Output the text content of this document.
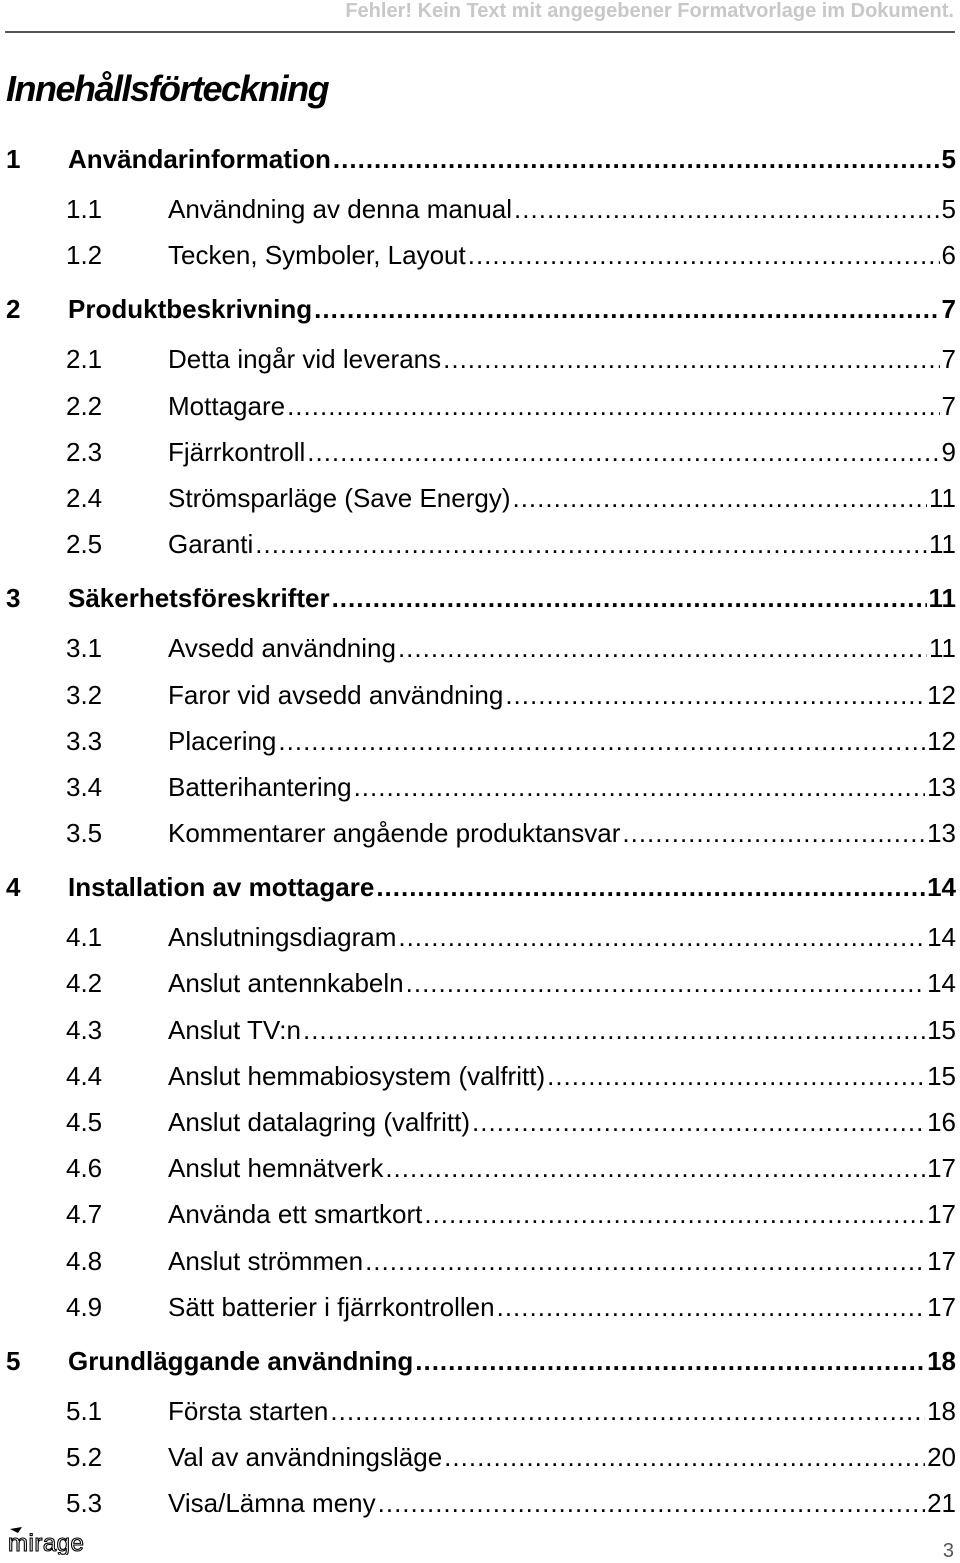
Fehler! Kein Text mit angegebener Formatvorlage im Dokument.
Innehållsförteckning
1	Användarinformation .....	5
1.1	Användning av denna manual .....	5
1.2	Tecken, Symboler, Layout .....	6
2	Produktbeskrivning .....	7
2.1	Detta ingår vid leverans .....	7
2.2	Mottagare .....	7
2.3	Fjärrkontroll .....	9
2.4	Strömsparläge (Save Energy) .....	11
2.5	Garanti .....	11
3	Säkerhetsföreskrifter .....	11
3.1	Avsedd användning .....	11
3.2	Faror vid avsedd användning .....	12
3.3	Placering .....	12
3.4	Batterihantering .....	13
3.5	Kommentarer angående produktansvar .....	13
4	Installation av mottagare .....	14
4.1	Anslutningsdiagram .....	14
4.2	Anslut antennkabeln .....	14
4.3	Anslut TV:n .....	15
4.4	Anslut hemmabiosystem (valfritt) .....	15
4.5	Anslut datalagring (valfritt) .....	16
4.6	Anslut hemnätverk .....	17
4.7	Använda ett smartkort .....	17
4.8	Anslut strömmen .....	17
4.9	Sätt batterier i fjärrkontrollen .....	17
5	Grundläggande användning .....	18
5.1	Första starten .....	18
5.2	Val av användningsläge .....	20
5.3	Visa/Lämna meny .....	21
mirage	3
